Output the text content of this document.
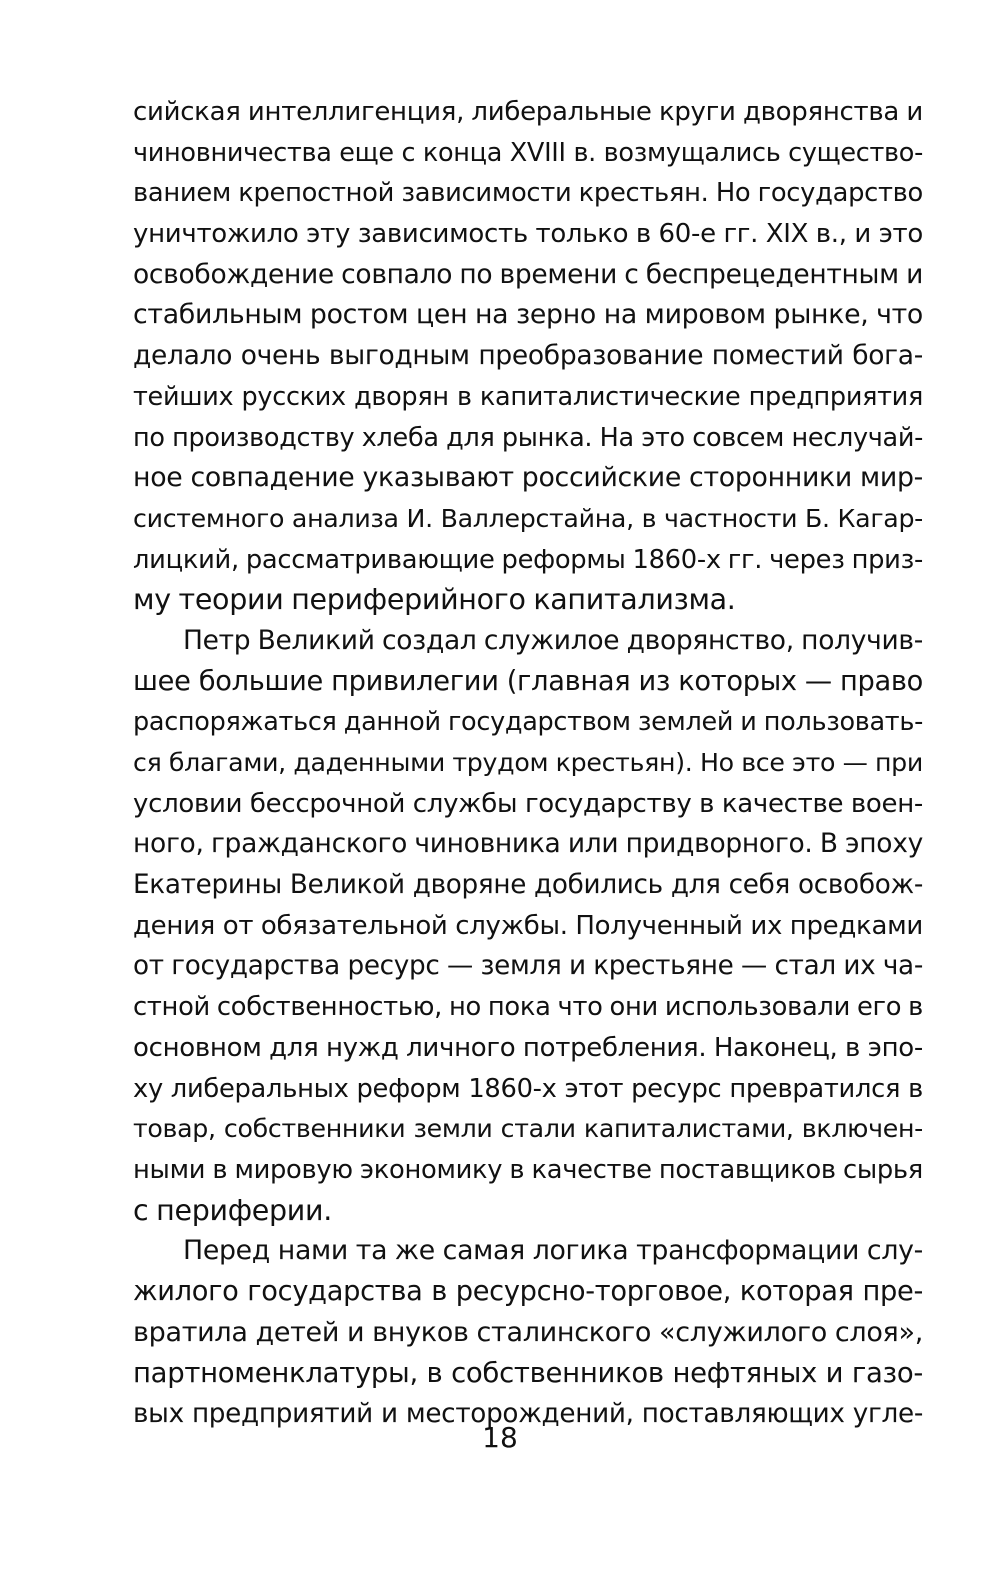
сийская интеллигенция, либеральные круги дворянства и
чиновничества еще с конца XVIII в. возмущались существо-
ванием крепостной зависимости крестьян. Но государство
уничтожило эту зависимость только в 60-е гг. XIX в., и это
освобождение совпало по времени с беспрецедентным и
стабильным ростом цен на зерно на мировом рынке, что
делало очень выгодным преобразование поместий бога-
тейших русских дворян в капиталистические предприятия
по производству хлеба для рынка. На это совсем неслучай-
ное совпадение указывают российские сторонники мир-
системного анализа И. Валлерстайна, в частности Б. Кагар-
лицкий, рассматривающие реформы 1860-х гг. через приз-
му теории периферийного капитализма.
Петр Великий создал служилое дворянство, получив-
шее большие привилегии (главная из которых — право
распоряжаться данной государством землей и пользовать-
ся благами, даденными трудом крестьян). Но все это — при
условии бессрочной службы государству в качестве воен-
ного, гражданского чиновника или придворного. В эпоху
Екатерины Великой дворяне добились для себя освобож-
дения от обязательной службы. Полученный их предками
от государства ресурс — земля и крестьяне — стал их ча-
стной собственностью, но пока что они использовали его в
основном для нужд личного потребления. Наконец, в эпо-
ху либеральных реформ 1860-х этот ресурс превратился в
товар, собственники земли стали капиталистами, включен-
ными в мировую экономику в качестве поставщиков сырья
с периферии.
Перед нами та же самая логика трансформации слу-
жилого государства в ресурсно-торговое, которая пре-
вратила детей и внуков сталинского «служилого слоя»,
партноменклатуры, в собственников нефтяных и газо-
вых предприятий и месторождений, поставляющих угле-
18
